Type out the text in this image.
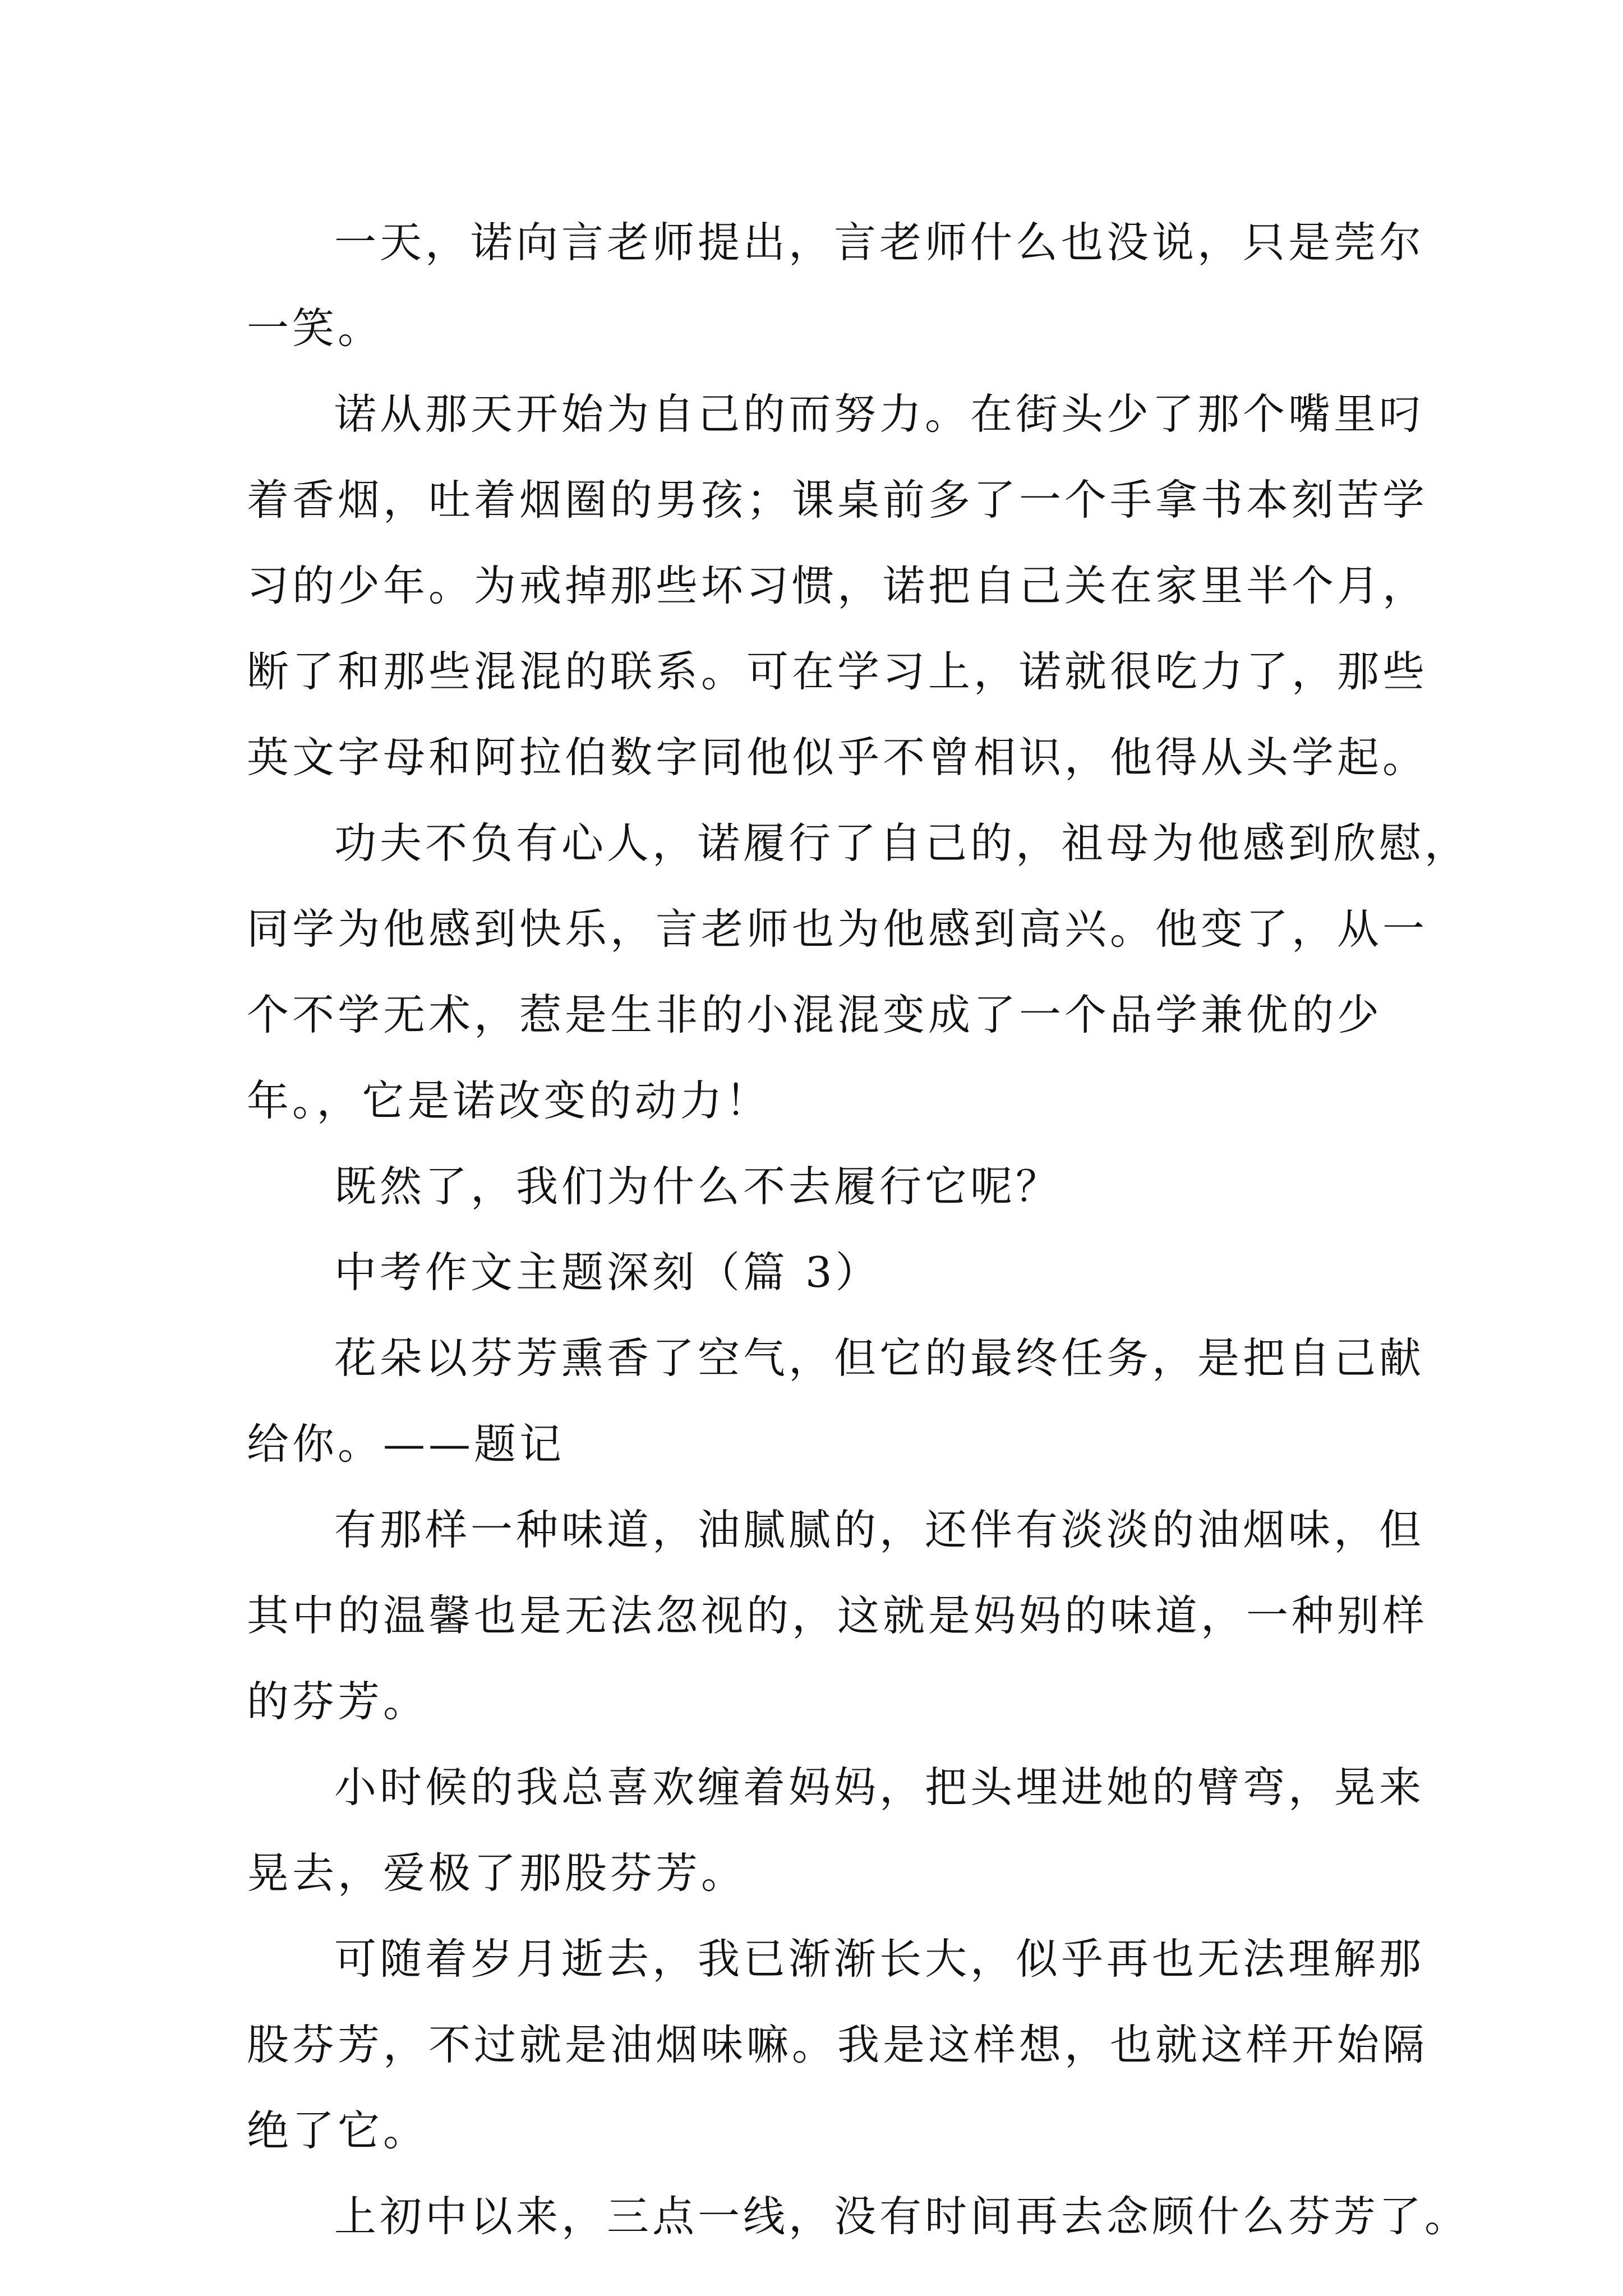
一天，诺向言老师提出，言老师什么也没说，只是莞尔
一笑。
诺从那天开始为自己的而努力。在街头少了那个嘴里叼
着香烟，吐着烟圈的男孩；课桌前多了一个手拿书本刻苦学
习的少年。为戒掉那些坏习惯，诺把自己关在家里半个月，
断了和那些混混的联系。可在学习上，诺就很吃力了，那些
英文字母和阿拉伯数字同他似乎不曾相识，他得从头学起。
功夫不负有心人，诺履行了自己的，祖母为他感到欣慰，
同学为他感到快乐，言老师也为他感到高兴。他变了，从一
个不学无术，惹是生非的小混混变成了一个品学兼优的少
年。，它是诺改变的动力！
既然了，我们为什么不去履行它呢？
中考作文主题深刻（篇 3）
花朵以芬芳熏香了空气，但它的最终任务，是把自己献
给你。——题记
有那样一种味道，油腻腻的，还伴有淡淡的油烟味，但
其中的温馨也是无法忽视的，这就是妈妈的味道，一种别样
的芬芳。
小时候的我总喜欢缠着妈妈，把头埋进她的臂弯，晃来
晃去，爱极了那股芬芳。
可随着岁月逝去，我已渐渐长大，似乎再也无法理解那
股芬芳，不过就是油烟味嘛。我是这样想，也就这样开始隔
绝了它。
上初中以来，三点一线，没有时间再去念顾什么芬芳了。
